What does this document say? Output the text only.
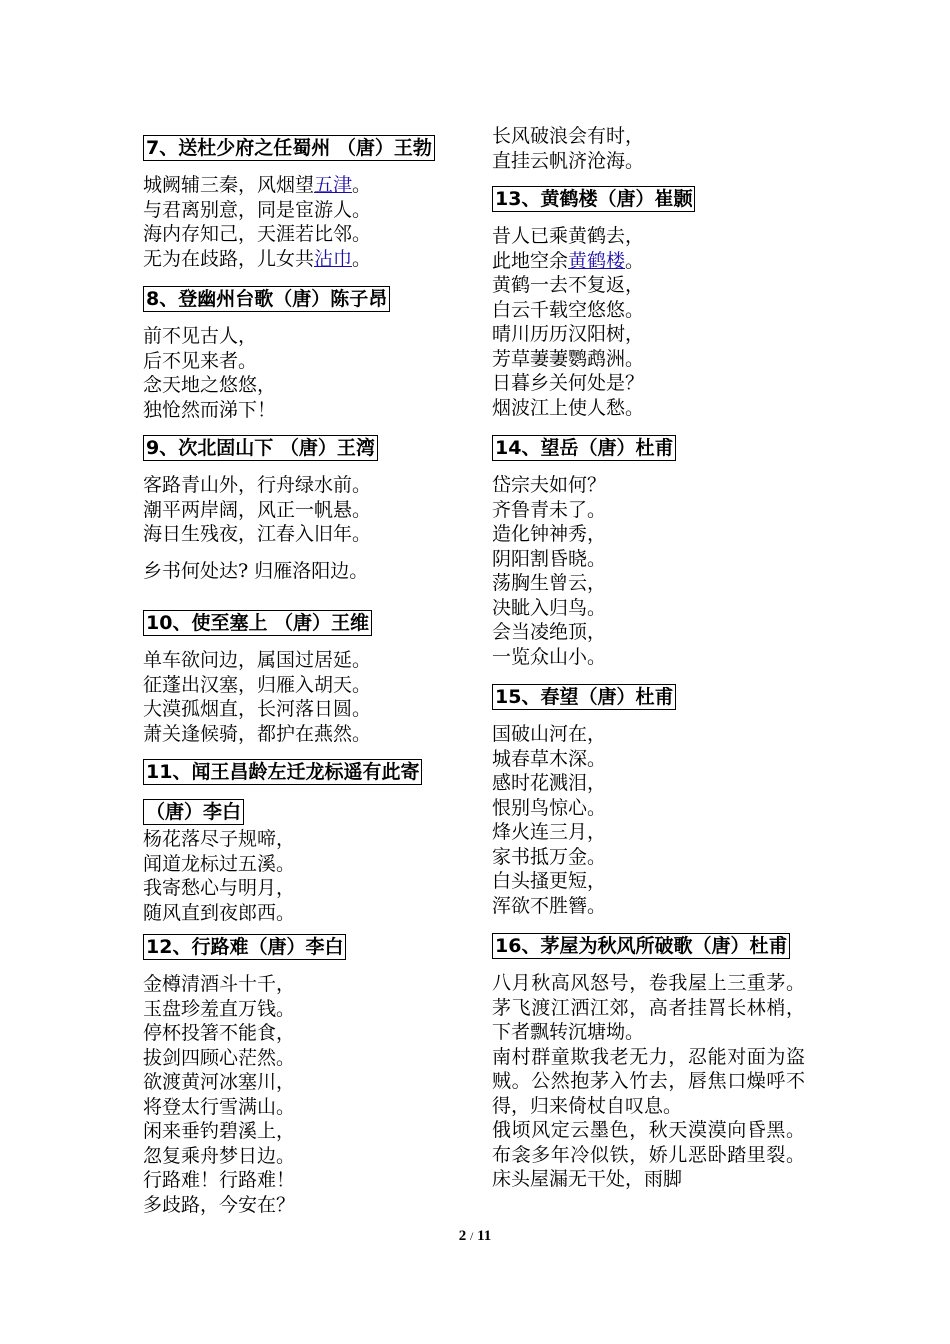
7、送杜少府之任蜀州 （唐）王勃
城阙辅三秦，风烟望五津。
与君离别意，同是宦游人。
海内存知己，天涯若比邻。
无为在歧路，儿女共沾巾。
8、登幽州台歌（唐）陈子昂
前不见古人，
后不见来者。
念天地之悠悠，
独怆然而涕下！
9、次北固山下 （唐）王湾
客路青山外，行舟绿水前。
潮平两岸阔，风正一帆悬。
海日生残夜，江春入旧年。
乡书何处达? 归雁洛阳边。
10、使至塞上 （唐）王维
单车欲问边，属国过居延。
征蓬出汉塞，归雁入胡天。
大漠孤烟直，长河落日圆。
萧关逢候骑，都护在燕然。
11、闻王昌龄左迁龙标遥有此寄
（唐）李白
杨花落尽子规啼，
闻道龙标过五溪。
我寄愁心与明月，
随风直到夜郎西。
12、行路难（唐）李白
金樽清酒斗十千，
玉盘珍羞直万钱。
停杯投箸不能食，
拔剑四顾心茫然。
欲渡黄河冰塞川，
将登太行雪满山。
闲来垂钓碧溪上，
忽复乘舟梦日边。
行路难！行路难！
多歧路，今安在？
长风破浪会有时，
直挂云帆济沧海。
13、黄鹤楼（唐）崔颢
昔人已乘黄鹤去，
此地空余黄鹤楼。
黄鹤一去不复返，
白云千载空悠悠。
晴川历历汉阳树，
芳草萋萋鹦鹉洲。
日暮乡关何处是？
烟波江上使人愁。
14、望岳（唐）杜甫
岱宗夫如何？
齐鲁青未了。
造化钟神秀，
阴阳割昏晓。
荡胸生曾云，
决眦入归鸟。
会当凌绝顶，
一览众山小。
15、春望（唐）杜甫
国破山河在，
城春草木深。
感时花溅泪，
恨别鸟惊心。
烽火连三月，
家书抵万金。
白头搔更短，
浑欲不胜簪。
16、茅屋为秋风所破歌（唐）杜甫
八月秋高风怒号，卷我屋上三重茅。茅飞渡江洒江郊，高者挂罥长林梢，下者飘转沉塘坳。
南村群童欺我老无力，忍能对面为盗贼。公然抱茅入竹去，唇焦口燥呼不得，归来倚杖自叹息。
俄顷风定云墨色，秋天漠漠向昏黑。布衾多年冷似铁，娇儿恶卧踏里裂。床头屋漏无干处，雨脚
2 / 11
